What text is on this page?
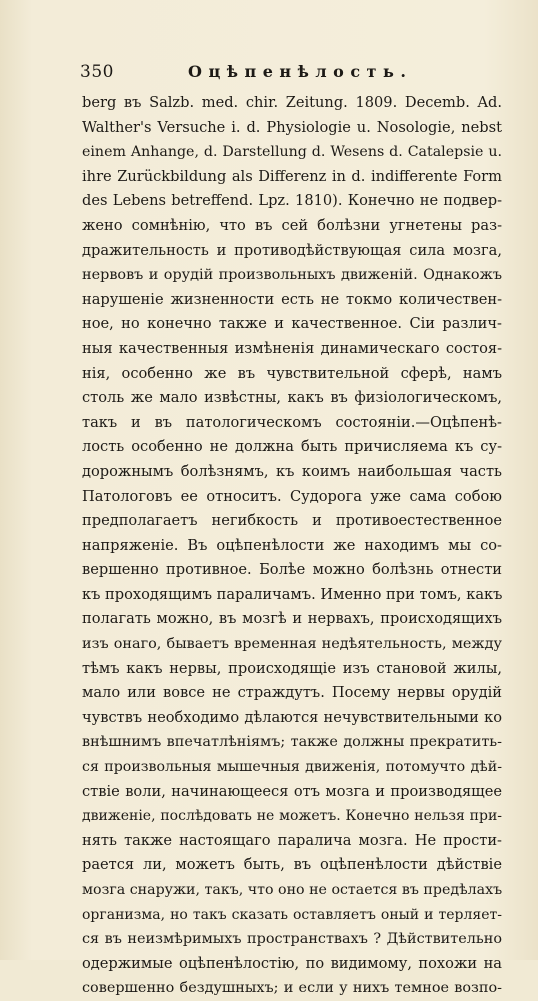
350	Оцѣпенѣлость.
berg въ Salzb. med. chir. Zeitung. 1809. Decemb. Ad.
Walther's Versuche i. d. Physiologie u. Nosologie, nebst
einem Anhange, d. Darstellung d. Wesens d. Catalepsie u.
ihre Zurückbildung als Differenz in d. indifferente Form
des Lebens betreffend. Lpz. 1810). Конечно не подвер-
жено сомнѣнію, что въ сей болѣзни угнетены раз-
дражительность и противодѣйствующая сила мозга,
нервовъ и орудій произвольныхъ движеній. Однакожъ
нарушеніе жизненности есть не токмо количествен-
ное, но конечно также и качественное. Сіи различ-
ныя качественныя измѣненія динамическаго состоя-
нія, особенно же въ чувствительной сферѣ, намъ
столь же мало извѣстны, какъ въ физіологическомъ,
такъ и въ патологическомъ состояніи.—Оцѣпенѣ-
лость особенно не должна быть причисляема къ су-
дорожнымъ болѣзнямъ, къ коимъ наибольшая часть
Патологовъ ее относитъ. Судорога уже сама собою
предполагаетъ негибкость и противоестественное
напряженіе. Въ оцѣпенѣлости же находимъ мы со-
вершенно противное. Болѣе можно болѣзнь отнести
къ проходящимъ параличамъ. Именно при томъ, какъ
полагать можно, въ мозгѣ и нервахъ, происходящихъ
изъ онаго, бываетъ временная недѣятельность, между
тѣмъ какъ нервы, происходящіе изъ становой жилы,
мало или вовсе не страждутъ. Посему нервы орудій
чувствъ необходимо дѣлаются нечувствительными ко
внѣшнимъ впечатлѣніямъ; также должны прекратить-
ся произвольныя мышечныя движенія, потомучто дѣй-
ствіе воли, начинающееся отъ мозга и производящее
движеніе, послѣдовать не можетъ. Конечно нельзя при-
нять также настоящаго паралича мозга. Не прости-
рается ли, можетъ быть, въ оцѣпенѣлости дѣйствіе
мозга снаружи, такъ, что оно не остается въ предѣлахъ
организма, но такъ сказать оставляетъ оный и терляет-
ся въ неизмѣримыхъ пространствахъ ? Дѣйствительно
одержимые оцѣпенѣлостію, по видимому, похожи на
совершенно бездушныхъ; и если у нихъ темное возпо-
